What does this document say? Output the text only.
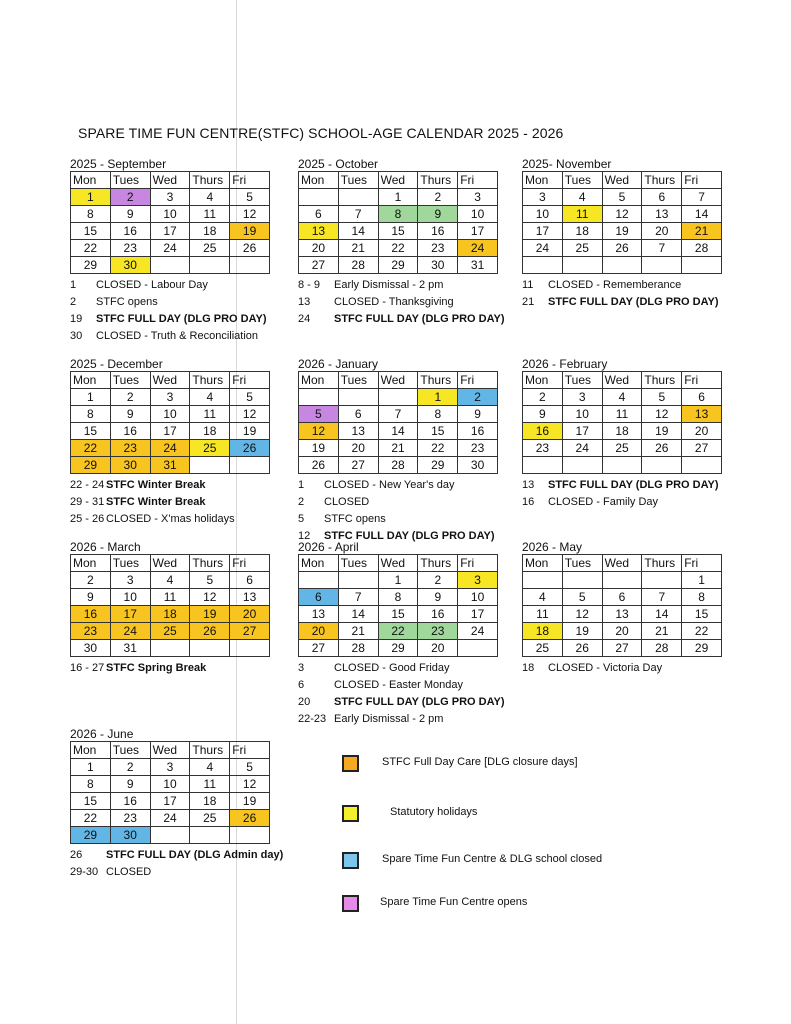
SPARE TIME FUN CENTRE(STFC) SCHOOL-AGE CALENDAR 2025 - 2026
2025 - September
Mon	Tues	Wed	Thurs	Fri
1	2	3	4	5
8	9	10	11	12
15	16	17	18	19
22	23	24	25	26
29	30			
1 CLOSED - Labour Day
2 STFC opens
19 STFC FULL DAY (DLG PRO DAY)
30 CLOSED - Truth & Reconciliation
2025 - October
Mon	Tues	Wed	Thurs	Fri
		1	2	3
6	7	8	9	10
13	14	15	16	17
20	21	22	23	24
27	28	29	30	31
8 - 9 Early Dismissal - 2 pm
13 CLOSED - Thanksgiving
24 STFC FULL DAY (DLG PRO DAY)
2025- November
Mon	Tues	Wed	Thurs	Fri
3	4	5	6	7
10	11	12	13	14
17	18	19	20	21
24	25	26	7	28

11 CLOSED - Rememberance
21 STFC FULL DAY (DLG PRO DAY)
2025 - December
Mon	Tues	Wed	Thurs	Fri
1	2	3	4	5
8	9	10	11	12
15	16	17	18	19
22	23	24	25	26
29	30	31		
22 - 24 STFC Winter Break
29 - 31 STFC Winter Break
25 - 26 CLOSED - X'mas holidays
2026 - January
Mon	Tues	Wed	Thurs	Fri
			1	2
5	6	7	8	9
12	13	14	15	16
19	20	21	22	23
26	27	28	29	30
1 CLOSED - New Year's day
2 CLOSED
5 STFC opens
12 STFC FULL DAY (DLG PRO DAY)
2026 - February
Mon	Tues	Wed	Thurs	Fri
2	3	4	5	6
9	10	11	12	13
16	17	18	19	20
23	24	25	26	27

13 STFC FULL DAY (DLG PRO DAY)
16 CLOSED - Family Day
2026 - March
Mon	Tues	Wed	Thurs	Fri
2	3	4	5	6
9	10	11	12	13
16	17	18	19	20
23	24	25	26	27
30	31			
16 - 27 STFC Spring Break
2026 - April
Mon	Tues	Wed	Thurs	Fri
		1	2	3
6	7	8	9	10
13	14	15	16	17
20	21	22	23	24
27	28	29	20	
3	CLOSED - Good Friday
6	CLOSED - Easter Monday
20 STFC FULL DAY (DLG PRO DAY)
22-23 Early Dismissal - 2 pm
2026 - May
Mon	Tues	Wed	Thurs	Fri
				1
4	5	6	7	8
11	12	13	14	15
18	19	20	21	22
25	26	27	28	29
18 CLOSED - Victoria Day
2026 - June
Mon	Tues	Wed	Thurs	Fri
1	2	3	4	5
8	9	10	11	12
15	16	17	18	19
22	23	24	25	26
29	30			
26 STFC FULL DAY (DLG Admin day)
29-30 CLOSED
STFC Full Day Care [DLG closure days]
Statutory holidays
Spare Time Fun Centre & DLG school closed
Spare Time Fun Centre opens
